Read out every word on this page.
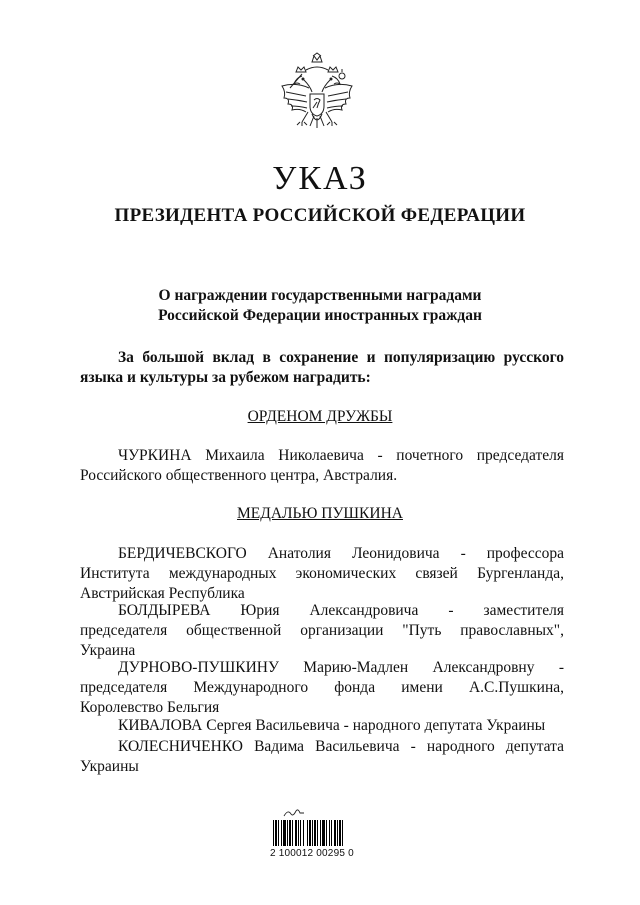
УКАЗ
ПРЕЗИДЕНТА РОССИЙСКОЙ ФЕДЕРАЦИИ
О награждении государственными наградами
Российской Федерации иностранных граждан
За большой вклад в сохранение и популяризацию русского
языка и культуры за рубежом наградить:
ОРДЕНОМ ДРУЖБЫ
ЧУРКИНА Михаила Николаевича - почетного председателя
Российского общественного центра, Австралия.
МЕДАЛЬЮ ПУШКИНА
БЕРДИЧЕВСКОГО Анатолия Леонидовича - профессора
Института международных экономических связей Бургенланда,
Австрийская Республика
БОЛДЫРЕВА Юрия Александровича - заместителя
председателя общественной организации "Путь православных",
Украина
ДУРНОВО-ПУШКИНУ Марию-Мадлен Александровну -
председателя Международного фонда имени А.С.Пушкина,
Королевство Бельгия
КИВАЛОВА Сергея Васильевича - народного депутата Украины
КОЛЕСНИЧЕНКО Вадима Васильевича - народного депутата
Украины
2 100012 00295 0
